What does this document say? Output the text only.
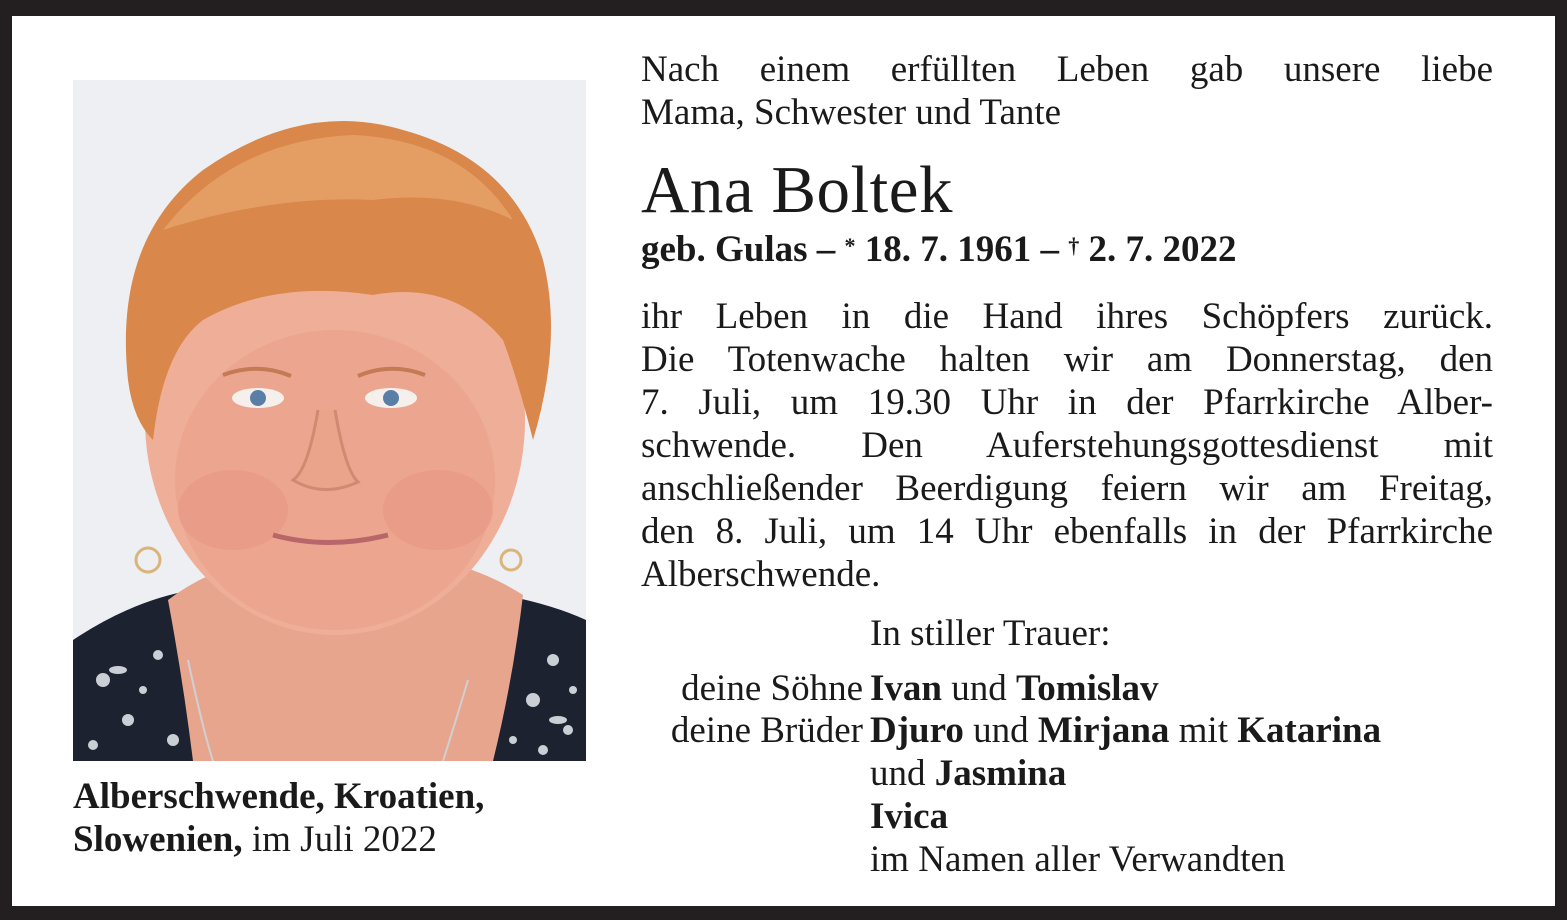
Alberschwende, Kroatien,
Slowenien, im Juli 2022
Nach einem erfüllten Leben gab unsere liebe
Mama, Schwester und Tante
Ana Boltek
geb. Gulas – * 18. 7. 1961 – † 2. 7. 2022
ihr Leben in die Hand ihres Schöpfers zurück.
Die Totenwache halten wir am Donnerstag, den
7. Juli, um 19.30 Uhr in der Pfarrkirche Alber-
schwende. Den Auferstehungsgottesdienst mit
anschließender Beerdigung feiern wir am Freitag,
den 8. Juli, um 14 Uhr ebenfalls in der Pfarrkirche
Alberschwende.
In stiller Trauer:
deine Söhne Ivan und Tomislav
deine Brüder Djuro und Mirjana mit Katarina
und Jasmina
Ivica
im Namen aller Verwandten
